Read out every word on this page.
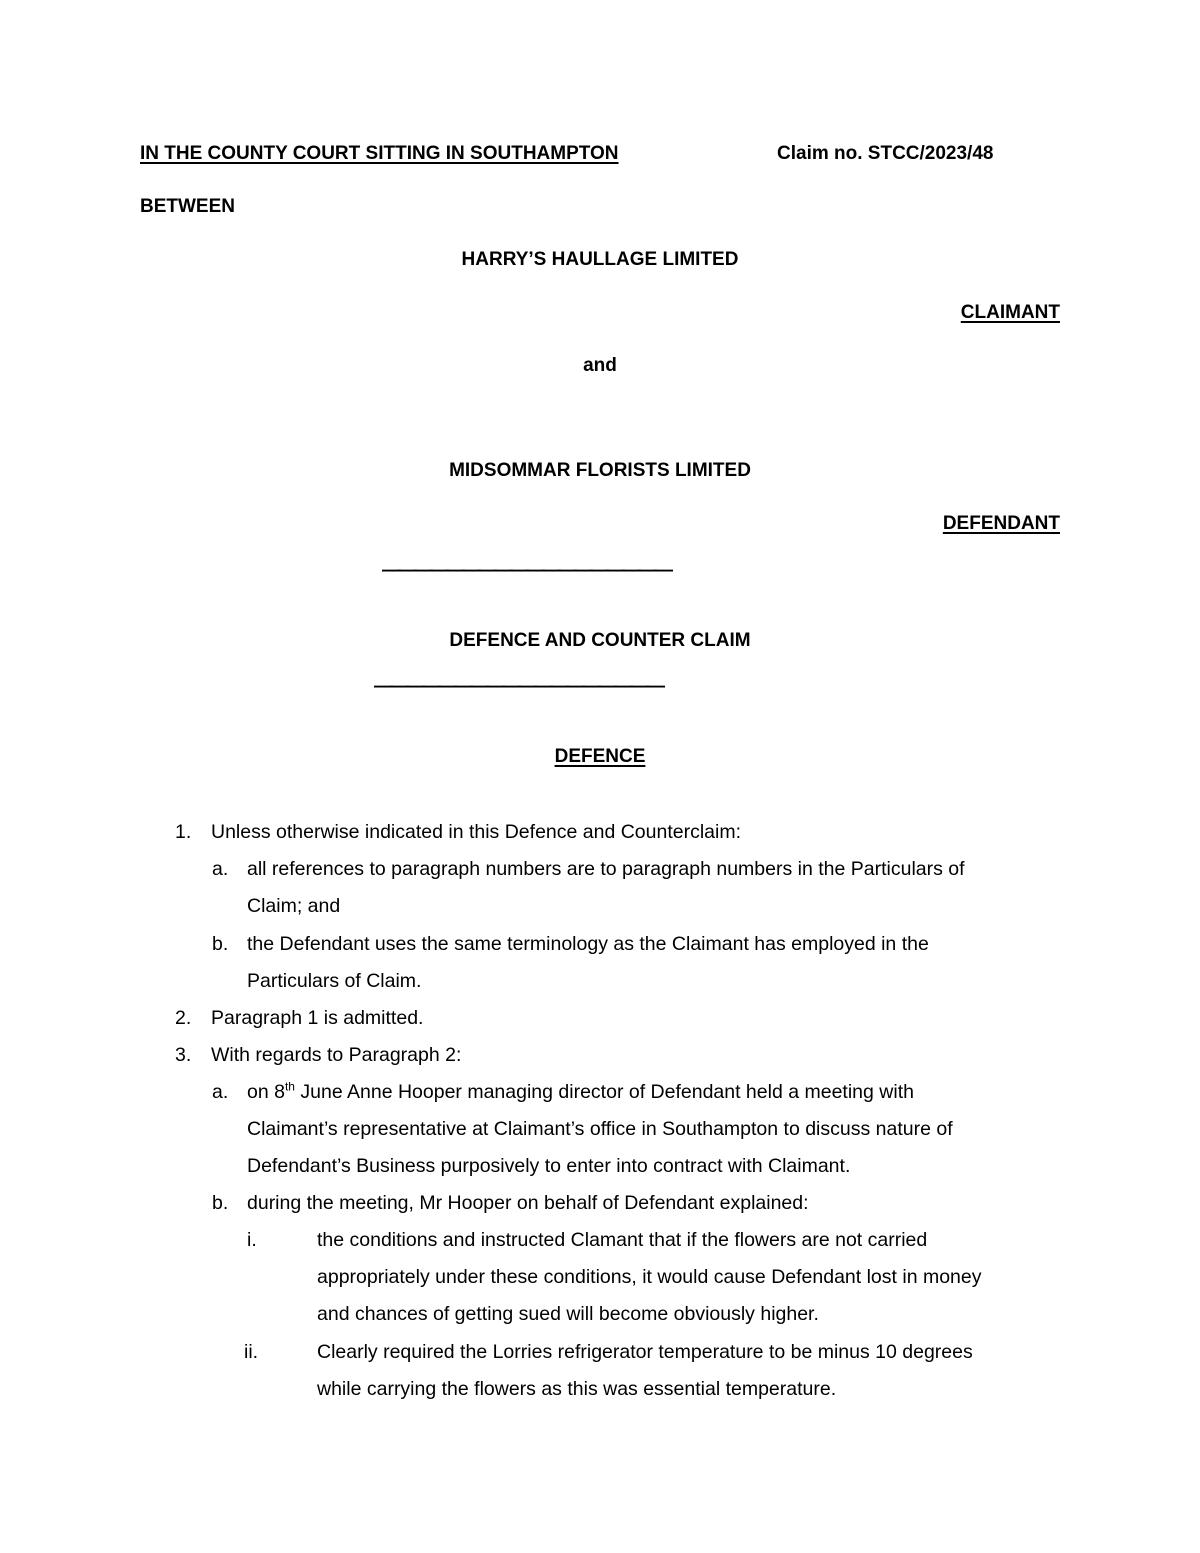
IN THE COUNTY COURT SITTING IN SOUTHAMPTON	Claim no. STCC/2023/48
BETWEEN
HARRY’S HAULLAGE LIMITED
CLAIMANT
and
MIDSOMMAR FLORISTS LIMITED
DEFENDANT
——————————————————
DEFENCE AND COUNTER CLAIM
——————————————————
DEFENCE
1. Unless otherwise indicated in this Defence and Counterclaim:
a. all references to paragraph numbers are to paragraph numbers in the Particulars of
Claim; and
b. the Defendant uses the same terminology as the Claimant has employed in the
Particulars of Claim.
2. Paragraph 1 is admitted.
3. With regards to Paragraph 2:
a. on 8th June Anne Hooper managing director of Defendant held a meeting with
Claimant’s representative at Claimant’s office in Southampton to discuss nature of
Defendant’s Business purposively to enter into contract with Claimant.
b. during the meeting, Mr Hooper on behalf of Defendant explained:
i.	the conditions and instructed Clamant that if the flowers are not carried
appropriately under these conditions, it would cause Defendant lost in money
and chances of getting sued will become obviously higher.
ii.	Clearly required the Lorries refrigerator temperature to be minus 10 degrees
while carrying the flowers as this was essential temperature.
